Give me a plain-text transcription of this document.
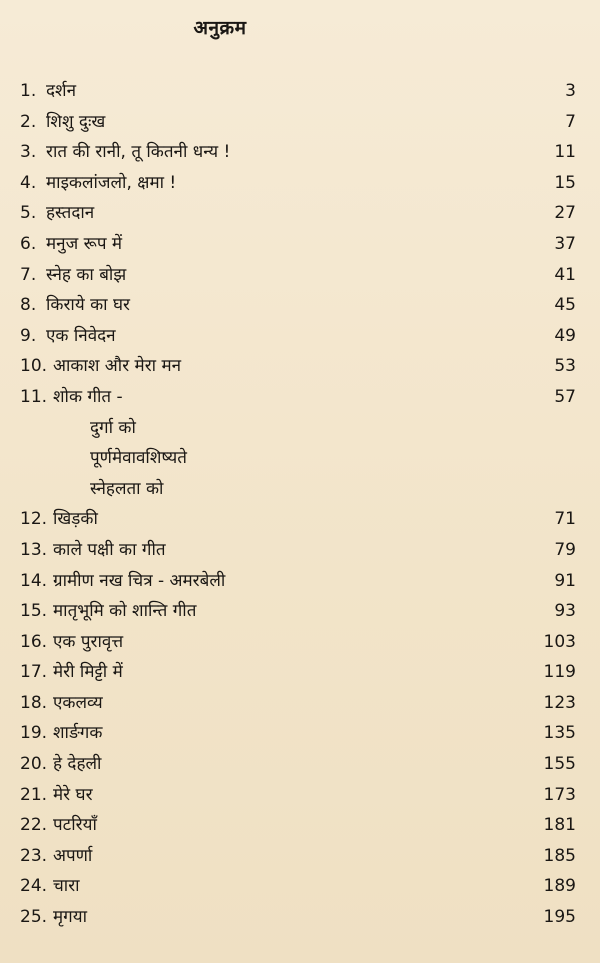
अनुक्रम
1. दर्शन	3
2. शिशु दुःख	7
3. रात की रानी, तू कितनी धन्य !	11
4. माइकलांजलो, क्षमा !	15
5. हस्तदान	27
6. मनुज रूप में	37
7. स्नेह का बोझ	41
8. किराये का घर	45
9. एक निवेदन	49
10. आकाश और मेरा मन	53
11. शोक गीत -	57
दुर्गा को
पूर्णमेवावशिष्यते
स्नेहलता को
12. खिड़की	71
13. काले पक्षी का गीत	79
14. ग्रामीण नख चित्र - अमरबेली	91
15. मातृभूमि को शान्ति गीत	93
16. एक पुरावृत्त	103
17. मेरी मिट्टी में	119
18. एकलव्य	123
19. शार्ङगक	135
20. हे देहली	155
21. मेरे घर	173
22. पटरियाँ	181
23. अपर्णा	185
24. चारा	189
25. मृगया	195
